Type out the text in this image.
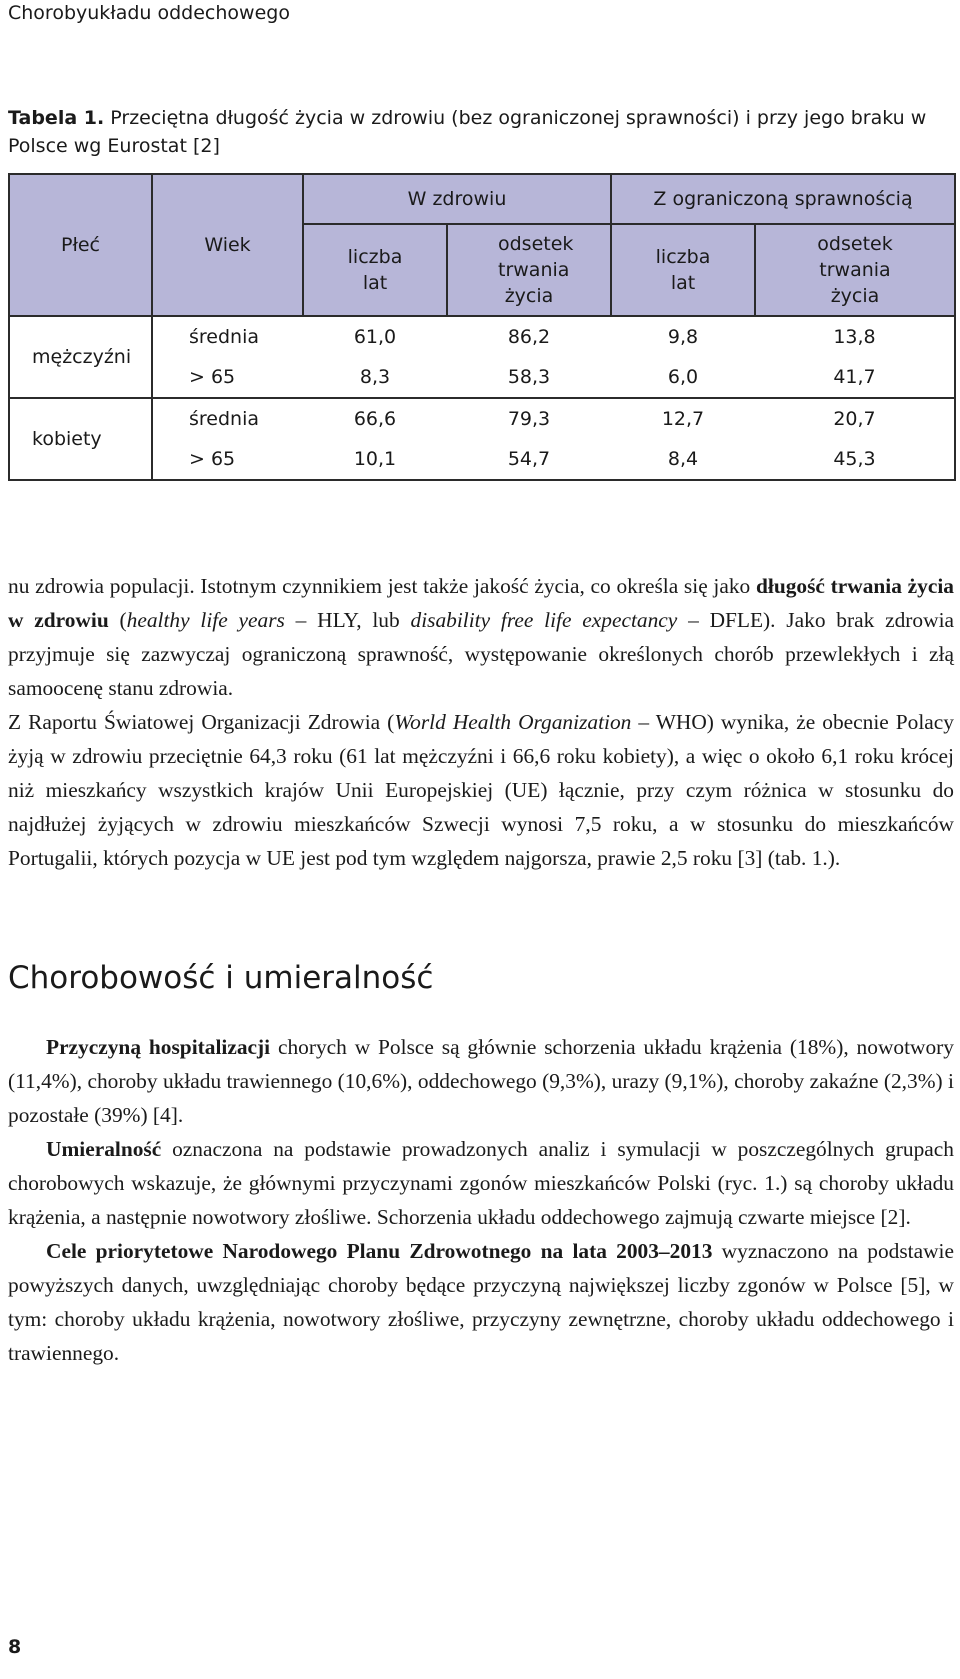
Chorobyukładu oddechowego
Tabela 1. Przeciętna długość życia w zdrowiu (bez ograniczonej sprawności) i przy jego braku w Polsce wg Eurostat [2]
Płeć	Wiek	W zdrowiu		Z ograniczoną sprawnością	
		liczba lat	odsetek trwania życia	liczba lat	odsetek trwania życia
mężczyźni	średnia	61,0	86,2	9,8	13,8
	> 65	8,3	58,3	6,0	41,7
kobiety	średnia	66,6	79,3	12,7	20,7
	> 65	10,1	54,7	8,4	45,3

nu zdrowia populacji. Istotnym czynnikiem jest także jakość życia, co określa się jako długość trwania życia w zdrowiu (healthy life years – HLY, lub disability free life expectancy – DFLE). Jako brak zdrowia przyjmuje się zazwyczaj ograniczoną sprawność, występowanie określonych chorób przewlekłych i złą samoocenę stanu zdrowia.

Z Raportu Światowej Organizacji Zdrowia (World Health Organization – WHO) wynika, że obecnie Polacy żyją w zdrowiu przeciętnie 64,3 roku (61 lat mężczyźni i 66,6 roku kobiety), a więc o około 6,1 roku krócej niż mieszkańcy wszystkich krajów Unii Europejskiej (UE) łącznie, przy czym różnica w stosunku do najdłużej żyjących w zdrowiu mieszkańców Szwecji wynosi 7,5 roku, a w stosunku do mieszkańców Portugalii, których pozycja w UE jest pod tym względem najgorsza, prawie 2,5 roku [3] (tab. 1.).

Chorobowość i umieralność

Przyczyną hospitalizacji chorych w Polsce są głównie schorzenia układu krążenia (18%), nowotwory (11,4%), choroby układu trawiennego (10,6%), oddechowego (9,3%), urazy (9,1%), choroby zakaźne (2,3%) i pozostałe (39%) [4].

Umieralność oznaczona na podstawie prowadzonych analiz i symulacji w poszczególnych grupach chorobowych wskazuje, że głównymi przyczynami zgonów mieszkańców Polski (ryc. 1.) są choroby układu krążenia, a następnie nowotwory złośliwe. Schorzenia układu oddechowego zajmują czwarte miejsce [2].

Cele priorytetowe Narodowego Planu Zdrowotnego na lata 2003–2013 wyznaczono na podstawie powyższych danych, uwzględniając choroby będące przyczyną największej liczby zgonów w Polsce [5], w tym: choroby układu krążenia, nowotwory złośliwe, przyczyny zewnętrzne, choroby układu oddechowego i trawiennego.

8
